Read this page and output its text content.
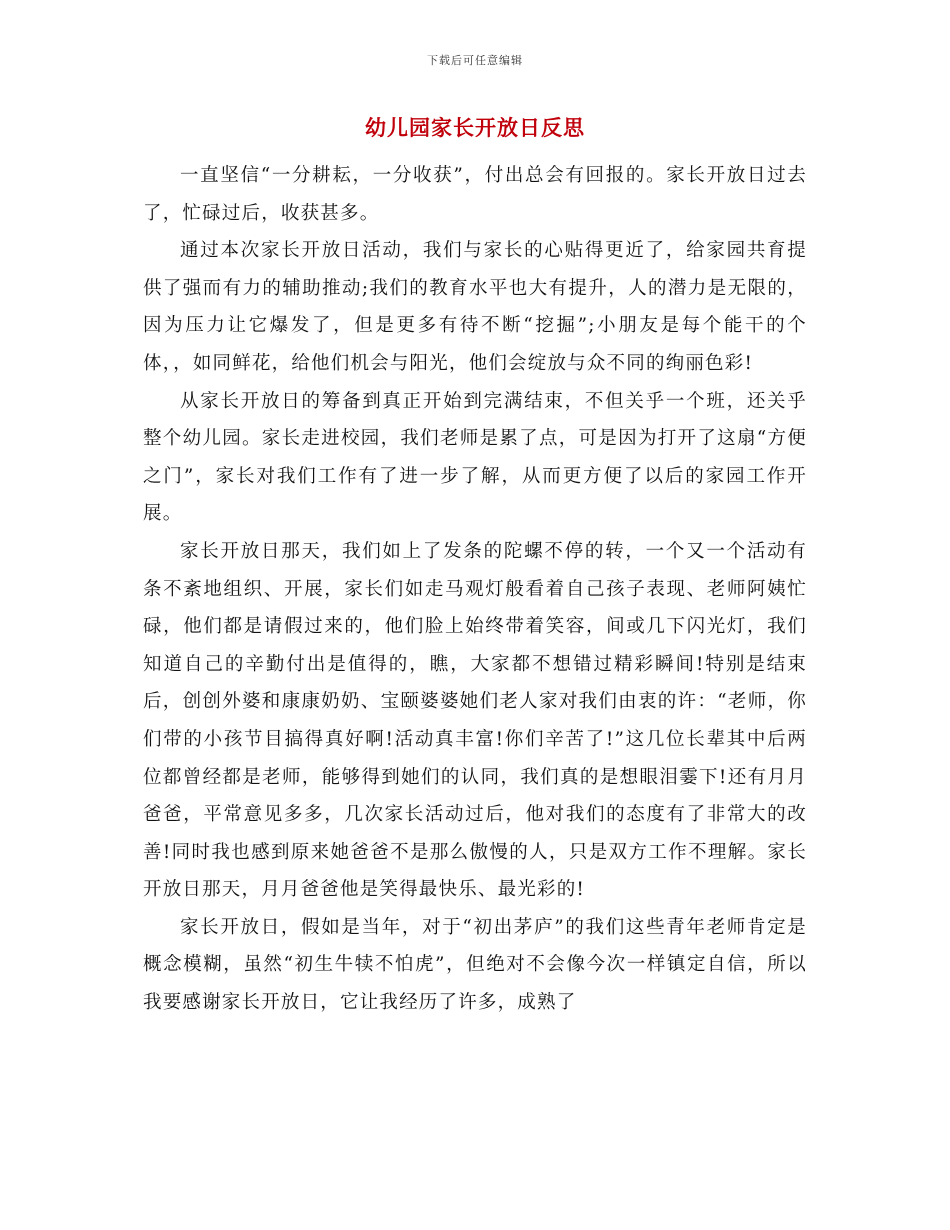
下载后可任意编辑
幼儿园家长开放日反思

一直坚信“一分耕耘，一分收获”，付出总会有回报的。家长开放日过去了，忙碌过后，收获甚多。

通过本次家长开放日活动，我们与家长的心贴得更近了，给家园共育提供了强而有力的辅助推动;我们的教育水平也大有提升，人的潜力是无限的，因为压力让它爆发了，但是更多有待不断“挖掘”;小朋友是每个能干的个体，，如同鲜花，给他们机会与阳光，他们会绽放与众不同的绚丽色彩!

从家长开放日的筹备到真正开始到完满结束，不但关乎一个班，还关乎整个幼儿园。家长走进校园，我们老师是累了点，可是因为打开了这扇“方便之门”，家长对我们工作有了进一步了解，从而更方便了以后的家园工作开展。

家长开放日那天，我们如上了发条的陀螺不停的转，一个又一个活动有条不紊地组织、开展，家长们如走马观灯般看着自己孩子表现、老师阿姨忙碌，他们都是请假过来的，他们脸上始终带着笑容，间或几下闪光灯，我们知道自己的辛勤付出是值得的，瞧，大家都不想错过精彩瞬间!特别是结束后，创创外婆和康康奶奶、宝颐婆婆她们老人家对我们由衷的许：“老师，你们带的小孩节目搞得真好啊!活动真丰富!你们辛苦了!”这几位长辈其中后两位都曾经都是老师，能够得到她们的认同，我们真的是想眼泪霎下!还有月月爸爸，平常意见多多，几次家长活动过后，他对我们的态度有了非常大的改善!同时我也感到原来她爸爸不是那么傲慢的人，只是双方工作不理解。家长开放日那天，月月爸爸他是笑得最快乐、最光彩的!

家长开放日，假如是当年，对于“初出茅庐”的我们这些青年老师肯定是概念模糊，虽然“初生牛犊不怕虎”，但绝对不会像今次一样镇定自信，所以我要感谢家长开放日，它让我经历了许多，成熟了
